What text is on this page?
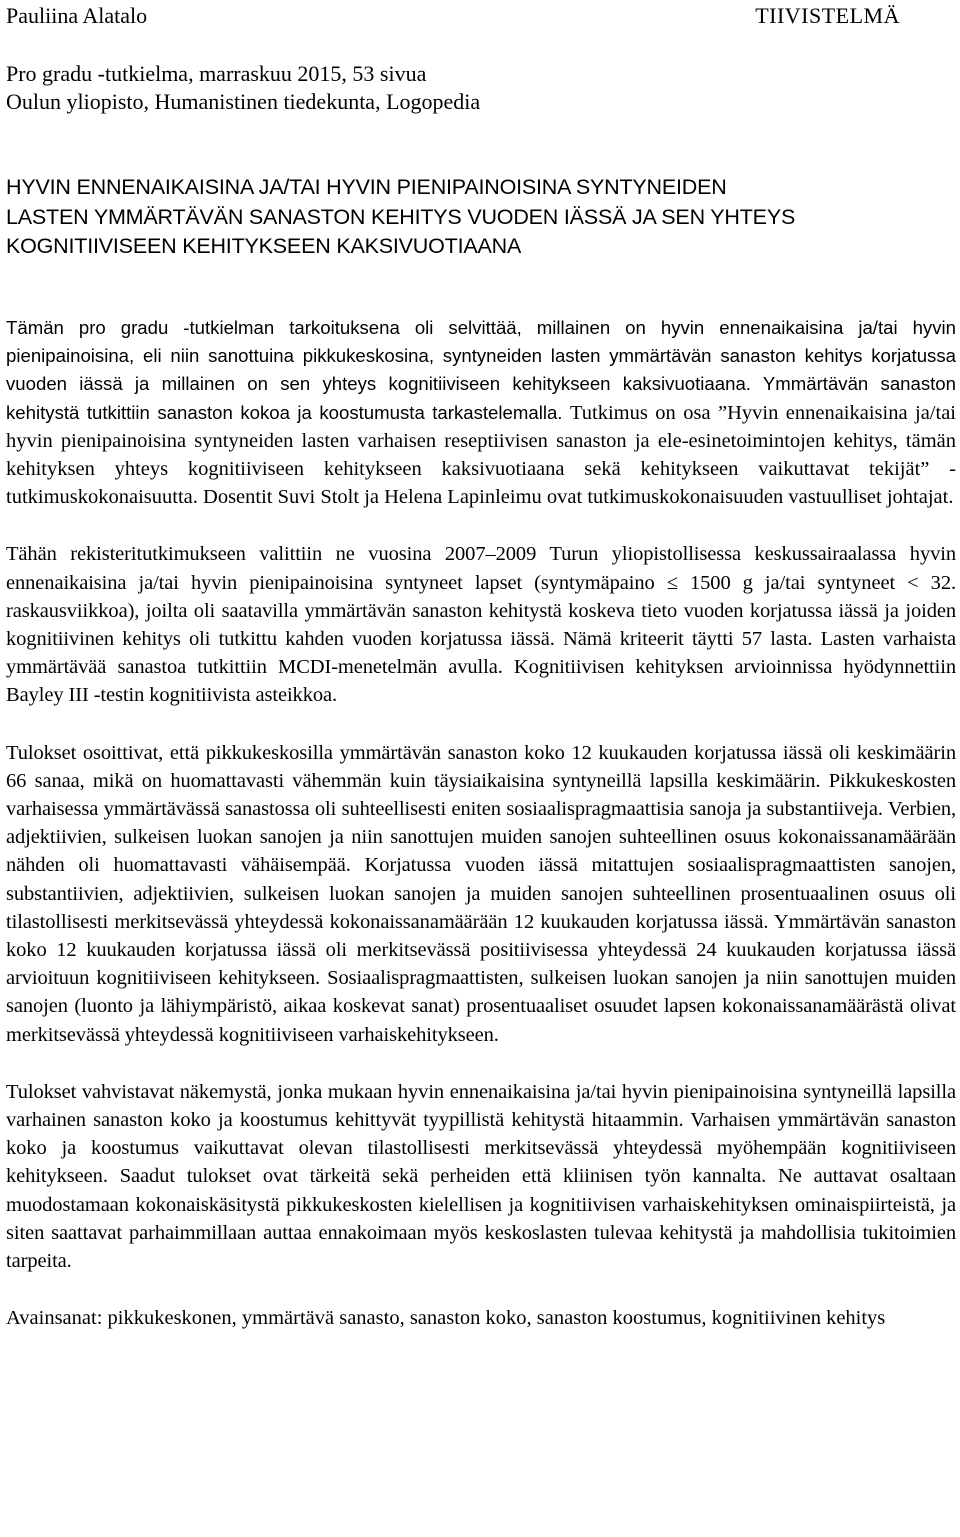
Pauliina Alatalo	TIIVISTELMÄ
Pro gradu -tutkielma, marraskuu 2015, 53 sivua
Oulun yliopisto, Humanistinen tiedekunta, Logopedia
HYVIN ENNENAIKAISINA JA/TAI HYVIN PIENIPAINOISINA SYNTYNEIDEN
LASTEN YMMÄRTÄVÄN SANASTON KEHITYS VUODEN IÄSSÄ JA SEN YHTEYS
KOGNITIIVISEEN KEHITYKSEEN KAKSIVUOTIAANA

Tämän pro gradu -tutkielman tarkoituksena oli selvittää, millainen on hyvin ennenaikaisina ja/tai hyvin pienipainoisina, eli niin sanottuina pikkukeskosina, syntyneiden lasten ymmärtävän sanaston kehitys korjatussa vuoden iässä ja millainen on sen yhteys kognitiiviseen kehitykseen kaksivuotiaana. Ymmärtävän sanaston kehitystä tutkittiin sanaston kokoa ja koostumusta tarkastelemalla. Tutkimus on osa ”Hyvin ennenaikaisina ja/tai hyvin pienipainoisina syntyneiden lasten varhaisen reseptiivisen sanaston ja ele-esinetoimintojen kehitys, tämän kehityksen yhteys kognitiiviseen kehitykseen kaksivuotiaana sekä kehitykseen vaikuttavat tekijät” -tutkimuskokonaisuutta. Dosentit Suvi Stolt ja Helena Lapinleimu ovat tutkimuskokonaisuuden vastuulliset johtajat.

Tähän rekisteritutkimukseen valittiin ne vuosina 2007–2009 Turun yliopistollisessa keskussairaalassa hyvin ennenaikaisina ja/tai hyvin pienipainoisina syntyneet lapset (syntymäpaino ≤ 1500 g ja/tai syntyneet < 32. raskausviikkoa), joilta oli saatavilla ymmärtävän sanaston kehitystä koskeva tieto vuoden korjatussa iässä ja joiden kognitiivinen kehitys oli tutkittu kahden vuoden korjatussa iässä. Nämä kriteerit täytti 57 lasta. Lasten varhaista ymmärtävää sanastoa tutkittiin MCDI-menetelmän avulla. Kognitiivisen kehityksen arvioinnissa hyödynnettiin Bayley III -testin kognitiivista asteikkoa.

Tulokset osoittivat, että pikkukeskosilla ymmärtävän sanaston koko 12 kuukauden korjatussa iässä oli keskimäärin 66 sanaa, mikä on huomattavasti vähemmän kuin täysiaikaisina syntyneillä lapsilla keskimäärin. Pikkukeskosten varhaisessa ymmärtävässä sanastossa oli suhteellisesti eniten sosiaalispragmaattisia sanoja ja substantiiveja. Verbien, adjektiivien, sulkeisen luokan sanojen ja niin sanottujen muiden sanojen suhteellinen osuus kokonaissanamäärään nähden oli huomattavasti vähäisempää. Korjatussa vuoden iässä mitattujen sosiaalispragmaattisten sanojen, substantiivien, adjektiivien, sulkeisen luokan sanojen ja muiden sanojen suhteellinen prosentuaalinen osuus oli tilastollisesti merkitsevässä yhteydessä kokonaissanamäärään 12 kuukauden korjatussa iässä. Ymmärtävän sanaston koko 12 kuukauden korjatussa iässä oli merkitsevässä positiivisessa yhteydessä 24 kuukauden korjatussa iässä arvioituun kognitiiviseen kehitykseen. Sosiaalispragmaattisten, sulkeisen luokan sanojen ja niin sanottujen muiden sanojen (luonto ja lähiympäristö, aikaa koskevat sanat) prosentuaaliset osuudet lapsen kokonaissanamäärästä olivat merkitsevässä yhteydessä kognitiiviseen varhaiskehitykseen.

Tulokset vahvistavat näkemystä, jonka mukaan hyvin ennenaikaisina ja/tai hyvin pienipainoisina syntyneillä lapsilla varhainen sanaston koko ja koostumus kehittyvät tyypillistä kehitystä hitaammin. Varhaisen ymmärtävän sanaston koko ja koostumus vaikuttavat olevan tilastollisesti merkitsevässä yhteydessä myöhempään kognitiiviseen kehitykseen. Saadut tulokset ovat tärkeitä sekä perheiden että kliinisen työn kannalta. Ne auttavat osaltaan muodostamaan kokonaiskäsitystä pikkukeskosten kielellisen ja kognitiivisen varhaiskehityksen ominaispiirteistä, ja siten saattavat parhaimmillaan auttaa ennakoimaan myös keskoslasten tulevaa kehitystä ja mahdollisia tukitoimien tarpeita.

Avainsanat: pikkukeskonen, ymmärtävä sanasto, sanaston koko, sanaston koostumus, kognitiivinen kehitys
